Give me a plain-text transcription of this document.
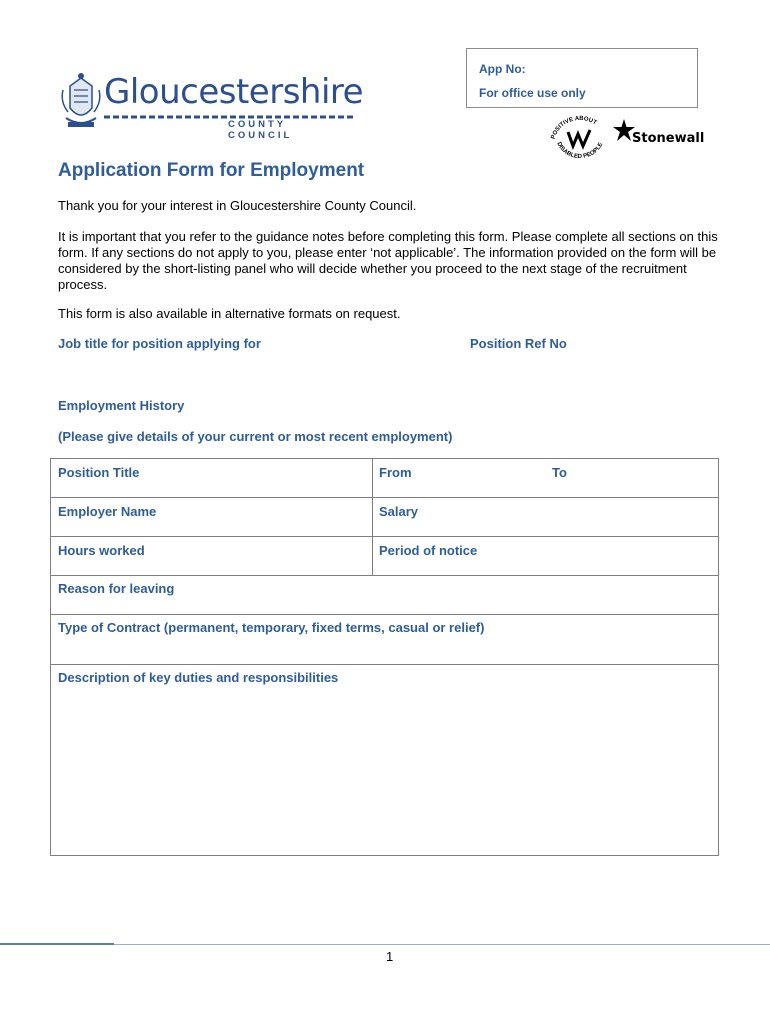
Gloucestershire
COUNTY COUNCIL
App No:
For office use only
POSITIVE ABOUT
DISABLED PEOPLE Stonewall
Application Form for Employment
Thank you for your interest in Gloucestershire County Council.
It is important that you refer to the guidance notes before completing this form. Please complete all sections on this form. If any sections do not apply to you, please enter ‘not applicable’. The information provided on the form will be considered by the short-listing panel who will decide whether you proceed to the next stage of the recruitment process.
This form is also available in alternative formats on request.
Job title for position applying for	Position Ref No
Employment History
(Please give details of your current or most recent employment)
Position Title	From	To
Employer Name	Salary
Hours worked	Period of notice
Reason for leaving
Type of Contract (permanent, temporary, fixed terms, casual or relief)
Description of key duties and responsibilities
1
